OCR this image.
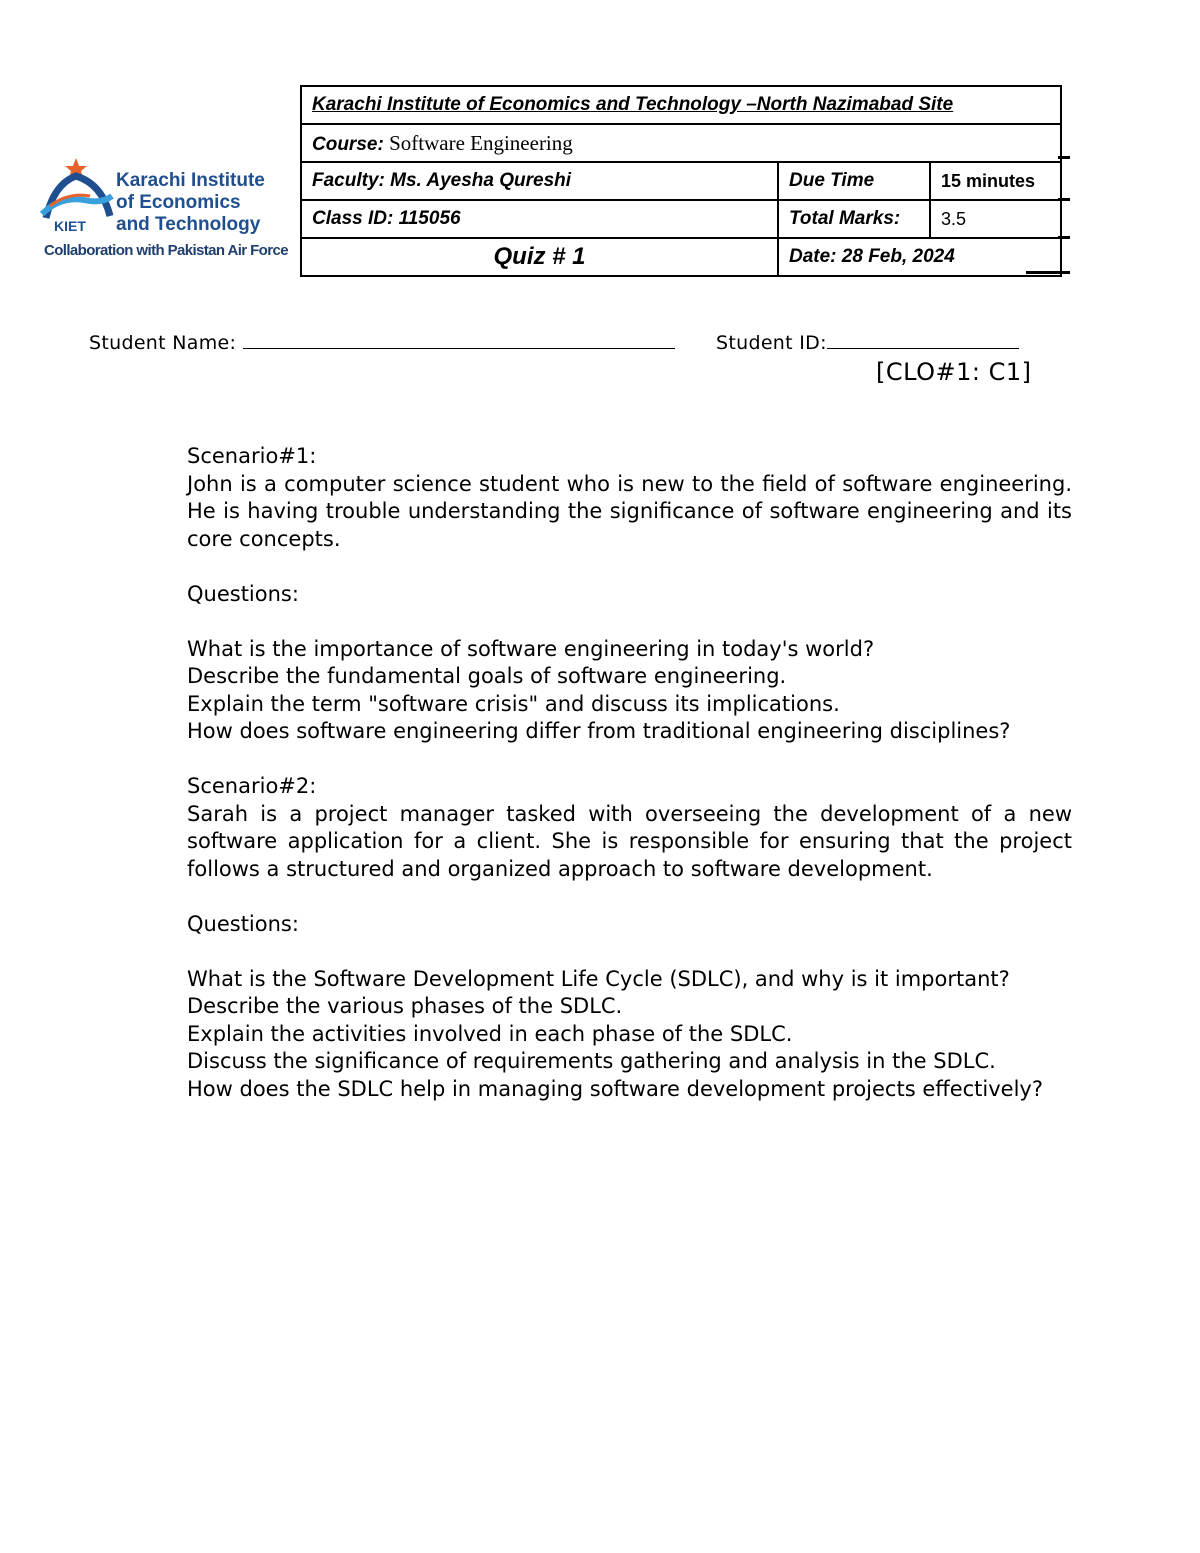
Karachi Institute
of Economics
and Technology
KIET
Collaboration with Pakistan Air Force
Karachi Institute of Economics and Technology –North Nazimabad Site		
Course: Software Engineering		
Faculty: Ms. Ayesha Qureshi	Due Time	15 minutes
Class ID: 115056	Total Marks:	3.5
Quiz # 1	Date: 28 Feb, 2024	
Student Name:	Student ID:
[CLO#1: C1]

Scenario#1:

John is a computer science student who is new to the field of software engineering. He is having trouble understanding the significance of software engineering and its core concepts.

Questions:

What is the importance of software engineering in today's world?

Describe the fundamental goals of software engineering.

Explain the term "software crisis" and discuss its implications.

How does software engineering differ from traditional engineering disciplines?

Scenario#2:

Sarah is a project manager tasked with overseeing the development of a new software application for a client. She is responsible for ensuring that the project follows a structured and organized approach to software development.

Questions:

What is the Software Development Life Cycle (SDLC), and why is it important?

Describe the various phases of the SDLC.

Explain the activities involved in each phase of the SDLC.

Discuss the significance of requirements gathering and analysis in the SDLC.

How does the SDLC help in managing software development projects effectively?
